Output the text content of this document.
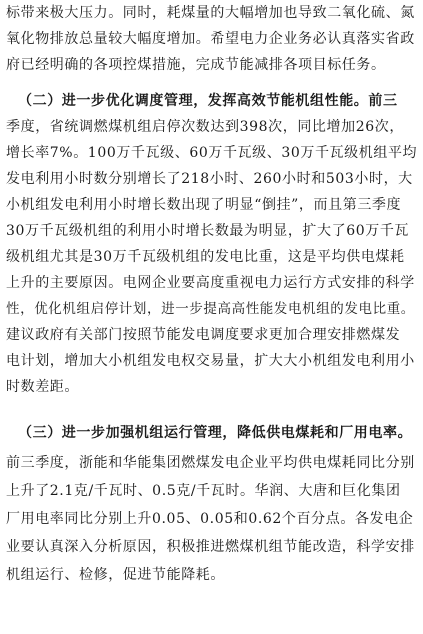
标带来极大压力。同时，耗煤量的大幅增加也导致二氧化硫、氮
氧化物排放总量较大幅度增加。希望电力企业务必认真落实省政
府已经明确的各项控煤措施，完成节能减排各项目标任务。
（二）进一步优化调度管理，发挥高效节能机组性能。前三
季度，省统调燃煤机组启停次数达到398次，同比增加26次，
增长率7%。100万千瓦级、60万千瓦级、30万千瓦级机组平均
发电利用小时数分别增长了218小时、260小时和503小时，大
小机组发电利用小时增长数出现了明显“倒挂”，而且第三季度
30万千瓦级机组的利用小时增长数最为明显，扩大了60万千瓦
级机组尤其是30万千瓦级机组的发电比重，这是平均供电煤耗
上升的主要原因。电网企业要高度重视电力运行方式安排的科学
性，优化机组启停计划，进一步提高高性能发电机组的发电比重。
建议政府有关部门按照节能发电调度要求更加合理安排燃煤发
电计划，增加大小机组发电权交易量，扩大大小机组发电利用小
时数差距。
（三）进一步加强机组运行管理，降低供电煤耗和厂用电率。
前三季度，浙能和华能集团燃煤发电企业平均供电煤耗同比分别
上升了2.1克/千瓦时、0.5克/千瓦时。华润、大唐和巨化集团
厂用电率同比分别上升0.05、0.05和0.62个百分点。各发电企
业要认真深入分析原因，积极推进燃煤机组节能改造，科学安排
机组运行、检修，促进节能降耗。
